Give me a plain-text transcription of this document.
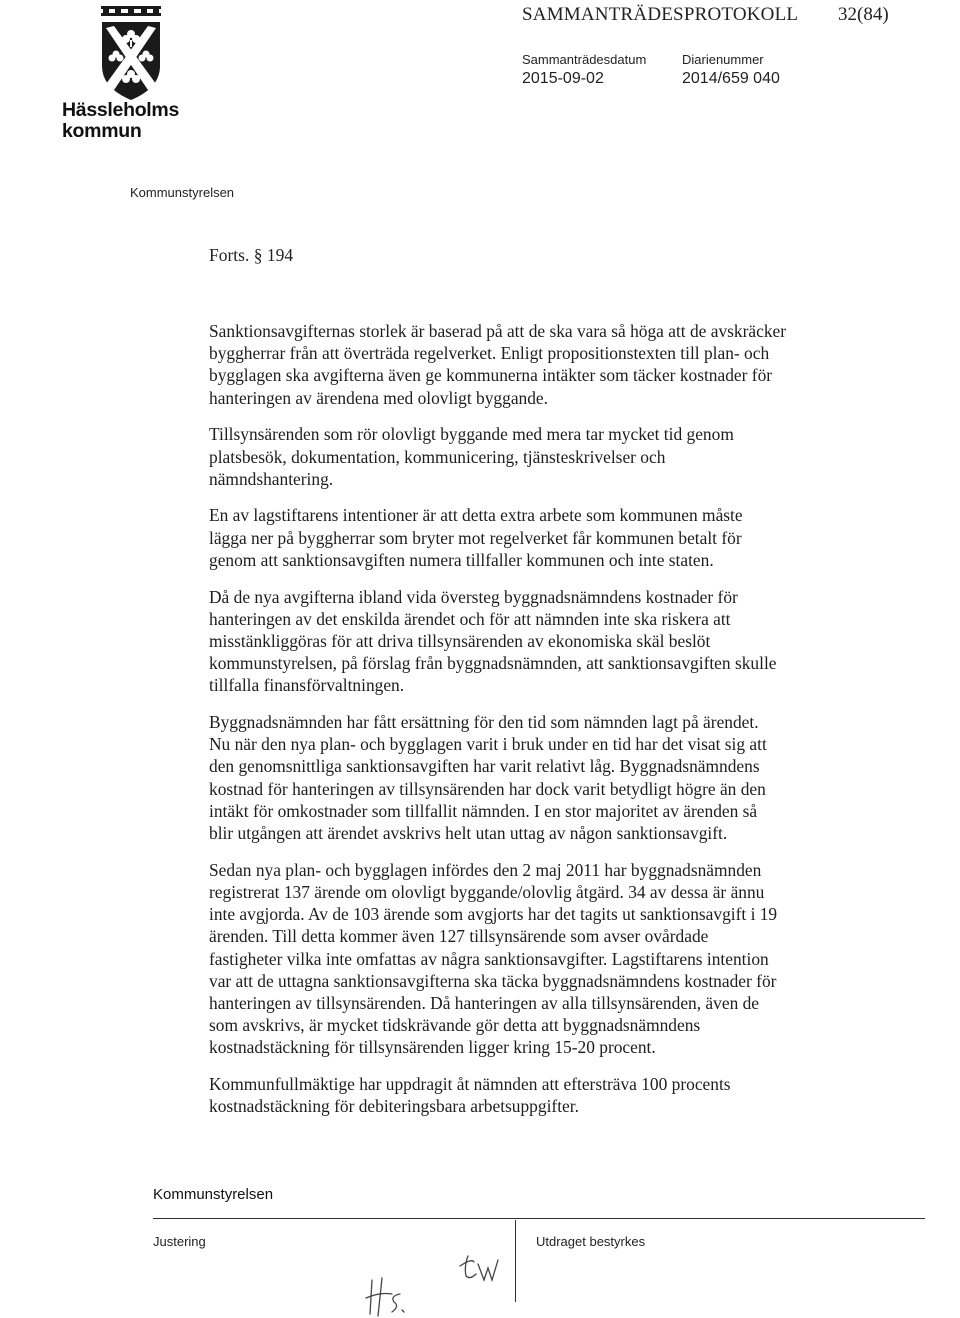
Hässleholms
kommun
SAMMANTRÄDESPROTOKOLL 32(84)
Sammanträdesdatum
2015-09-02
Diarienummer
2014/659 040
Kommunstyrelsen
Forts. § 194

Sanktionsavgifternas storlek är baserad på att de ska vara så höga att de avskräcker
byggherrar från att överträda regelverket. Enligt propositionstexten till plan- och
bygglagen ska avgifterna även ge kommunerna intäkter som täcker kostnader för
hanteringen av ärendena med olovligt byggande.

Tillsynsärenden som rör olovligt byggande med mera tar mycket tid genom
platsbesök, dokumentation, kommunicering, tjänsteskrivelser och
nämndshantering.

En av lagstiftarens intentioner är att detta extra arbete som kommunen måste
lägga ner på byggherrar som bryter mot regelverket får kommunen betalt för
genom att sanktionsavgiften numera tillfaller kommunen och inte staten.

Då de nya avgifterna ibland vida översteg byggnadsnämndens kostnader för
hanteringen av det enskilda ärendet och för att nämnden inte ska riskera att
misstänkliggöras för att driva tillsynsärenden av ekonomiska skäl beslöt
kommunstyrelsen, på förslag från byggnadsnämnden, att sanktionsavgiften skulle
tillfalla finansförvaltningen.

Byggnadsnämnden har fått ersättning för den tid som nämnden lagt på ärendet.
Nu när den nya plan- och bygglagen varit i bruk under en tid har det visat sig att
den genomsnittliga sanktionsavgiften har varit relativt låg. Byggnadsnämndens
kostnad för hanteringen av tillsynsärenden har dock varit betydligt högre än den
intäkt för omkostnader som tillfallit nämnden. I en stor majoritet av ärenden så
blir utgången att ärendet avskrivs helt utan uttag av någon sanktionsavgift.

Sedan nya plan- och bygglagen infördes den 2 maj 2011 har byggnadsnämnden
registrerat 137 ärende om olovligt byggande/olovlig åtgärd. 34 av dessa är ännu
inte avgjorda. Av de 103 ärende som avgjorts har det tagits ut sanktionsavgift i 19
ärenden. Till detta kommer även 127 tillsynsärende som avser ovårdade
fastigheter vilka inte omfattas av några sanktionsavgifter. Lagstiftarens intention
var att de uttagna sanktionsavgifterna ska täcka byggnadsnämndens kostnader för
hanteringen av tillsynsärenden. Då hanteringen av alla tillsynsärenden, även de
som avskrivs, är mycket tidskrävande gör detta att byggnadsnämndens
kostnadstäckning för tillsynsärenden ligger kring 15-20 procent.

Kommunfullmäktige har uppdragit åt nämnden att eftersträva 100 procents
kostnadstäckning för debiteringsbara arbetsuppgifter.

Kommunstyrelsen
Justering	Utdraget bestyrkes
